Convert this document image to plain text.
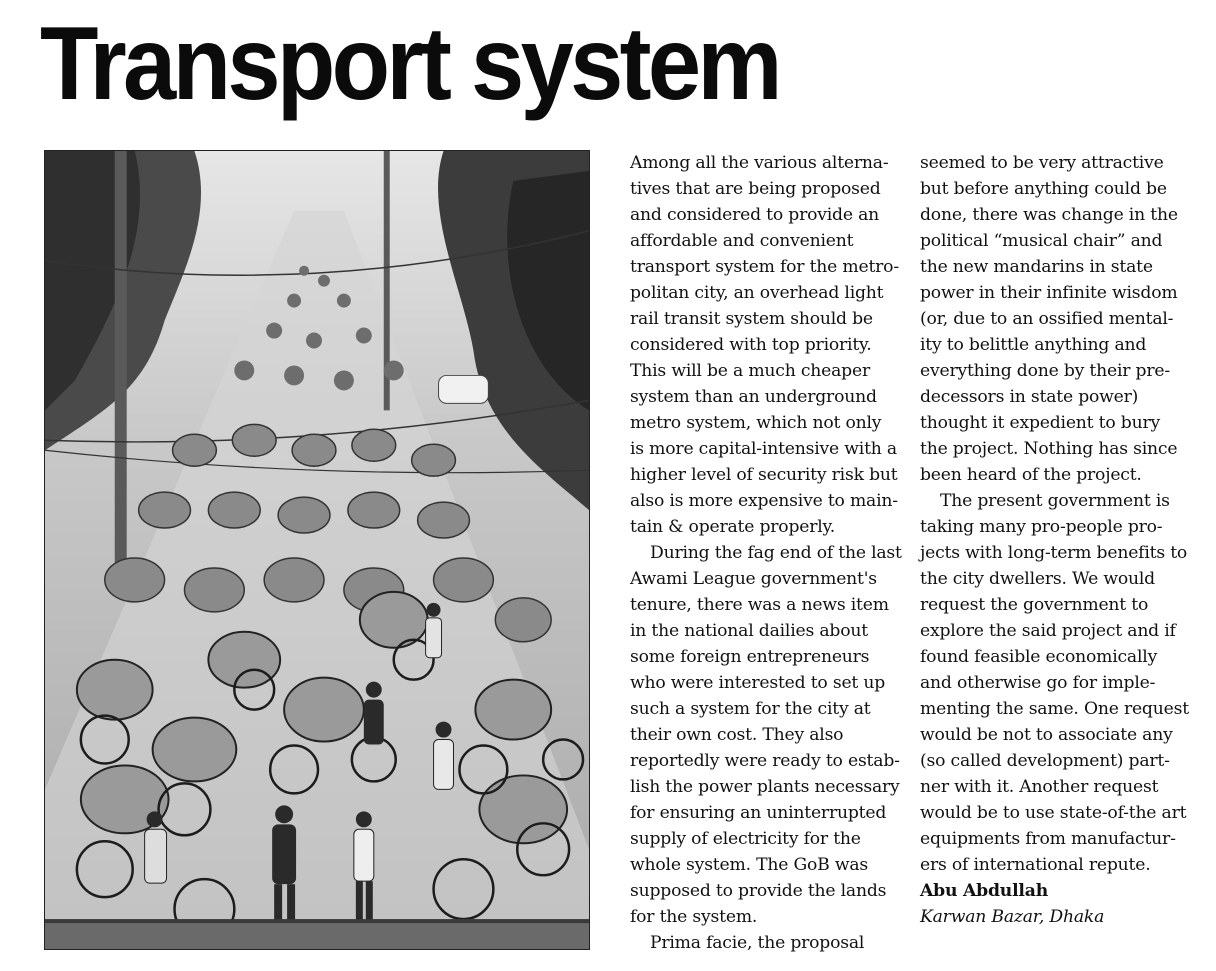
Transport system

Among all the various alterna-
tives that are being proposed
and considered to provide an
affordable and convenient
transport system for the metro-
politan city, an overhead light
rail transit system should be
considered with top priority.
This will be a much cheaper
system than an underground
metro system, which not only
is more capital-intensive with a
higher level of security risk but
also is more expensive to main-
tain & operate properly.

During the fag end of the last
Awami League government's
tenure, there was a news item
in the national dailies about
some foreign entrepreneurs
who were interested to set up
such a system for the city at
their own cost. They also
reportedly were ready to estab-
lish the power plants necessary
for ensuring an uninterrupted
supply of electricity for the
whole system. The GoB was
supposed to provide the lands
for the system.

Prima facie, the proposal

seemed to be very attractive
but before anything could be
done, there was change in the
political “musical chair” and
the new mandarins in state
power in their infinite wisdom
(or, due to an ossified mental-
ity to belittle anything and
everything done by their pre-
decessors in state power)
thought it expedient to bury
the project. Nothing has since
been heard of the project.

The present government is
taking many pro-people pro-
jects with long-term benefits to
the city dwellers. We would
request the government to
explore the said project and if
found feasible economically
and otherwise go for imple-
menting the same. One request
would be not to associate any
(so called development) part-
ner with it. Another request
would be to use state-of-the art
equipments from manufactur-
ers of international repute.

Abu Abdullah
Karwan Bazar, Dhaka
